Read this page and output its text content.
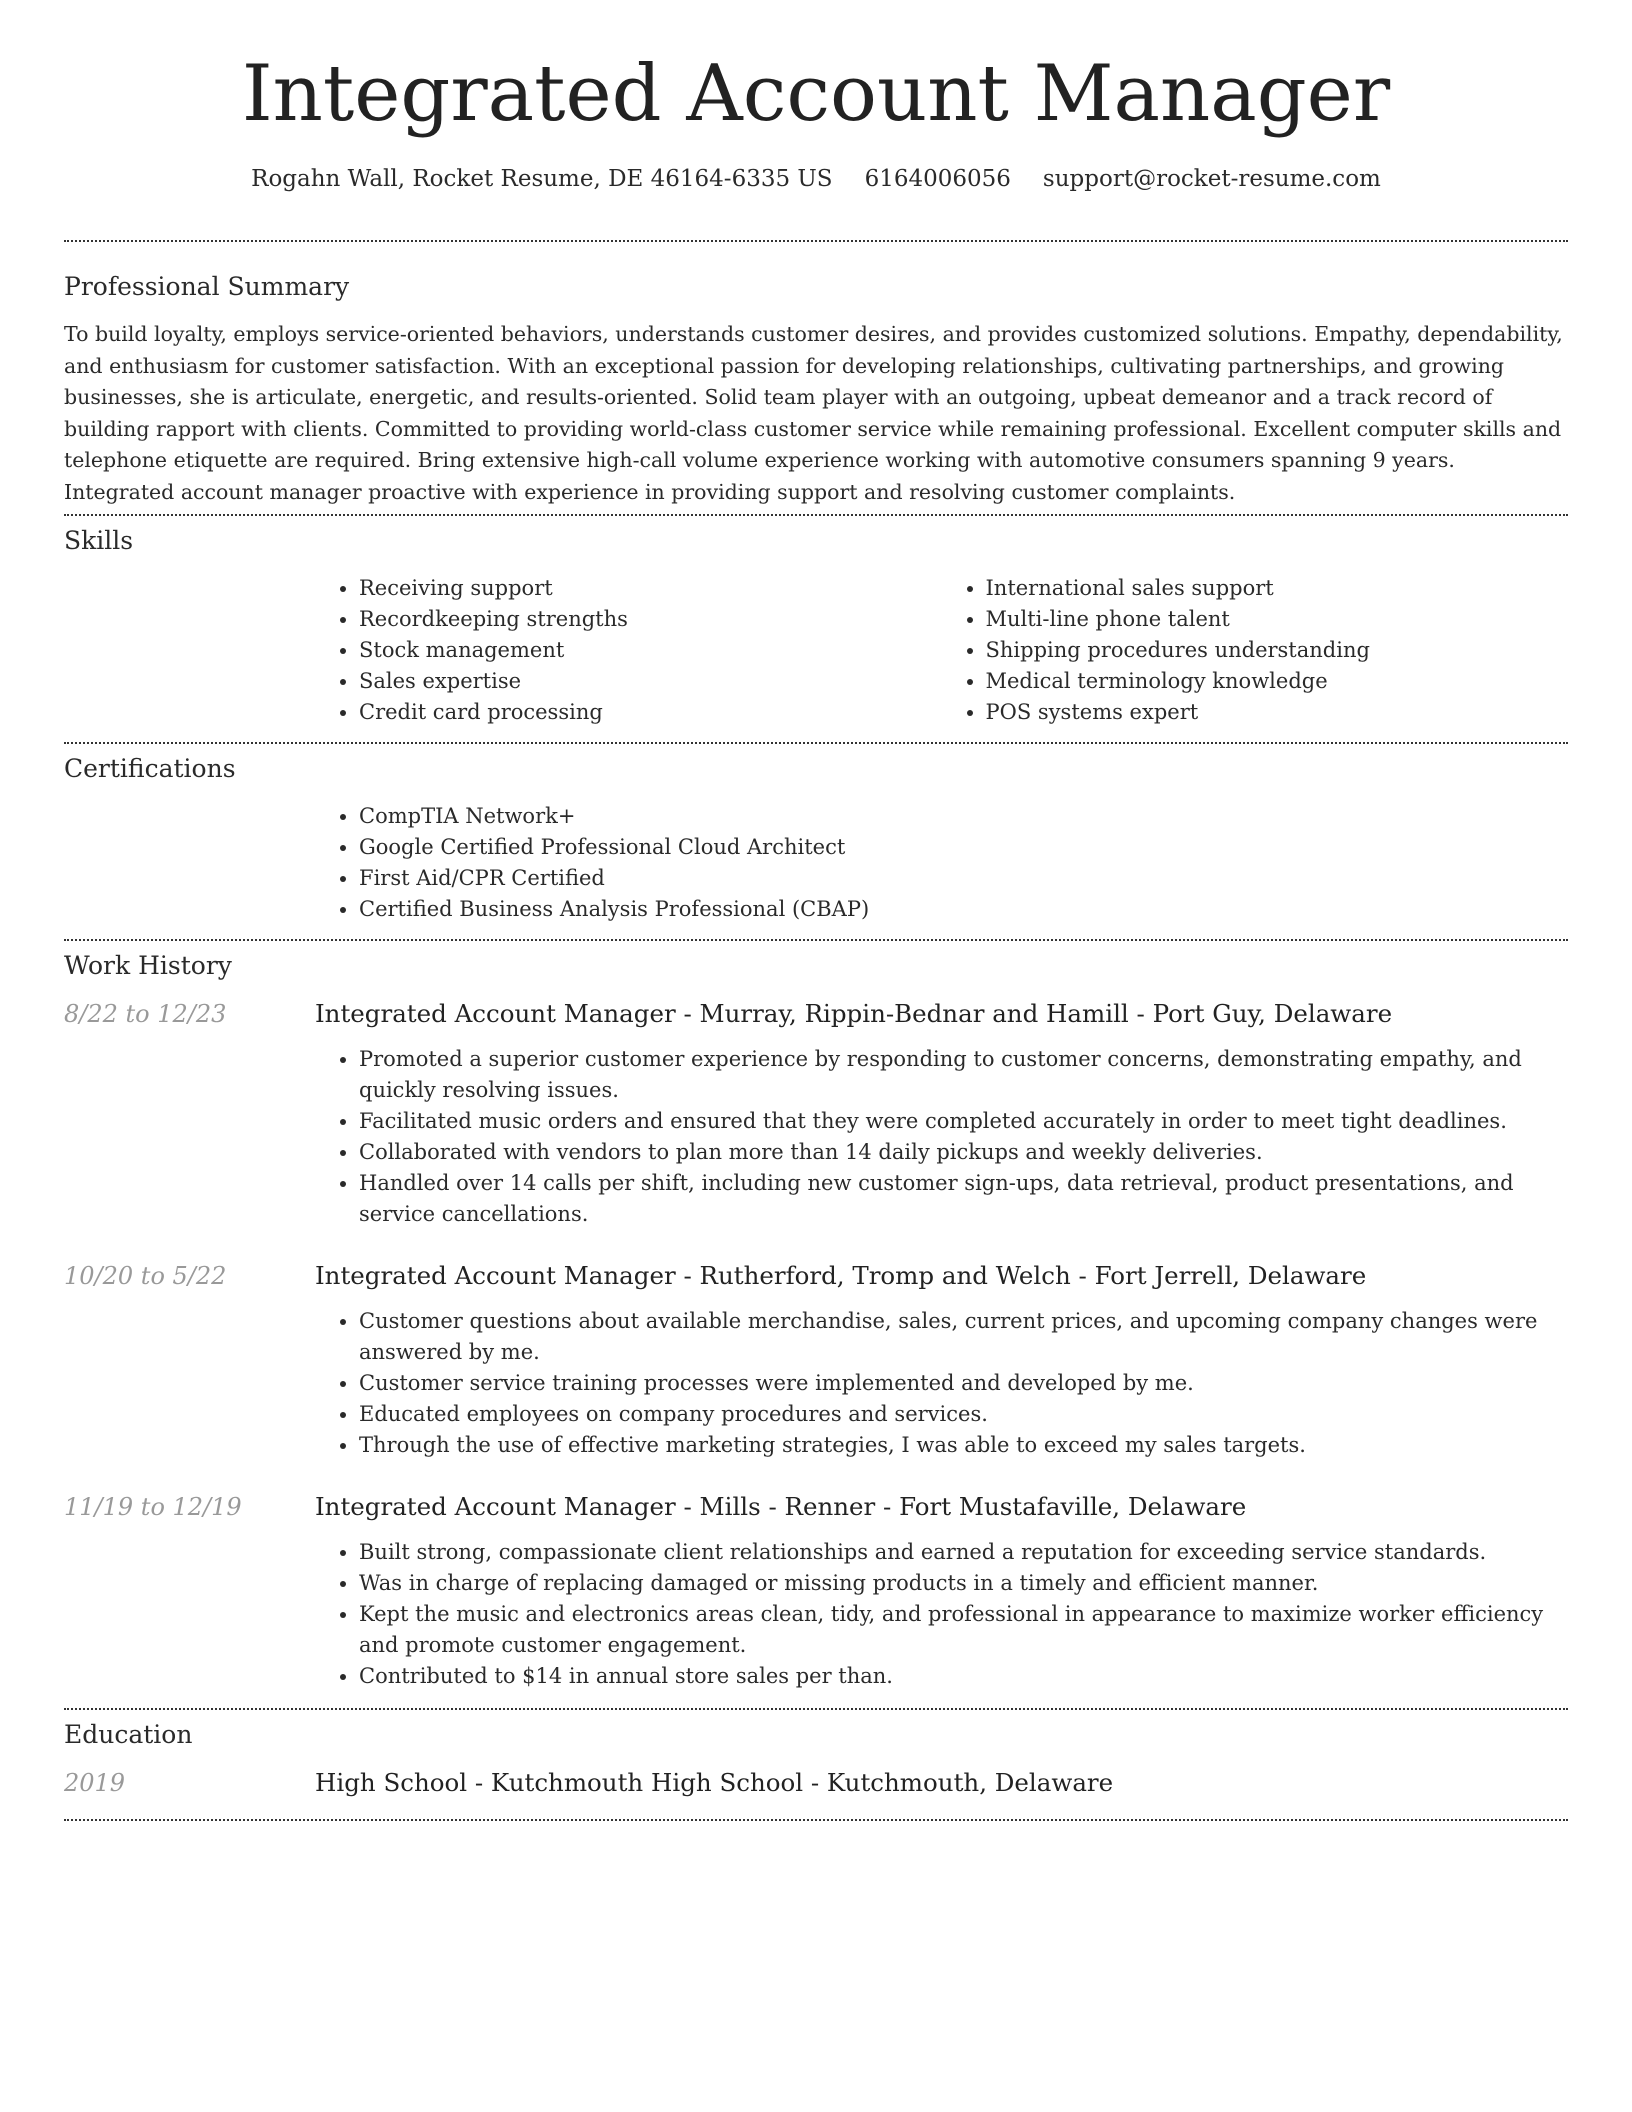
Integrated Account Manager
Rogahn Wall, Rocket Resume, DE 46164-6335 US 6164006056 support@rocket-resume.com
Professional Summary

To build loyalty, employs service-oriented behaviors, understands customer desires, and provides customized solutions. Empathy, dependability, and enthusiasm for customer satisfaction. With an exceptional passion for developing relationships, cultivating partnerships, and growing businesses, she is articulate, energetic, and results-oriented. Solid team player with an outgoing, upbeat demeanor and a track record of building rapport with clients. Committed to providing world-class customer service while remaining professional. Excellent computer skills and telephone etiquette are required. Bring extensive high-call volume experience working with automotive consumers spanning 9 years. Integrated account manager proactive with experience in providing support and resolving customer complaints.

Skills
• Receiving support
• Recordkeeping strengths
• Stock management
• Sales expertise
• Credit card processing
• International sales support
• Multi-line phone talent
• Shipping procedures understanding
• Medical terminology knowledge
• POS systems expert
Certifications
• CompTIA Network+
• Google Certified Professional Cloud Architect
• First Aid/CPR Certified
• Certified Business Analysis Professional (CBAP)
Work History
8/22 to 12/23	Integrated Account Manager - Murray, Rippin-Bednar and Hamill - Port Guy, Delaware
• Promoted a superior customer experience by responding to customer concerns, demonstrating empathy, and quickly resolving issues.
• Facilitated music orders and ensured that they were completed accurately in order to meet tight deadlines.
• Collaborated with vendors to plan more than 14 daily pickups and weekly deliveries.
• Handled over 14 calls per shift, including new customer sign-ups, data retrieval, product presentations, and service cancellations.
10/20 to 5/22	Integrated Account Manager - Rutherford, Tromp and Welch - Fort Jerrell, Delaware
• Customer questions about available merchandise, sales, current prices, and upcoming company changes were answered by me.
• Customer service training processes were implemented and developed by me.
• Educated employees on company procedures and services.
• Through the use of effective marketing strategies, I was able to exceed my sales targets.
11/19 to 12/19	Integrated Account Manager - Mills - Renner - Fort Mustafaville, Delaware
• Built strong, compassionate client relationships and earned a reputation for exceeding service standards.
• Was in charge of replacing damaged or missing products in a timely and efficient manner.
• Kept the music and electronics areas clean, tidy, and professional in appearance to maximize worker efficiency and promote customer engagement.
• Contributed to $14 in annual store sales per than.
Education
2019	High School - Kutchmouth High School - Kutchmouth, Delaware
